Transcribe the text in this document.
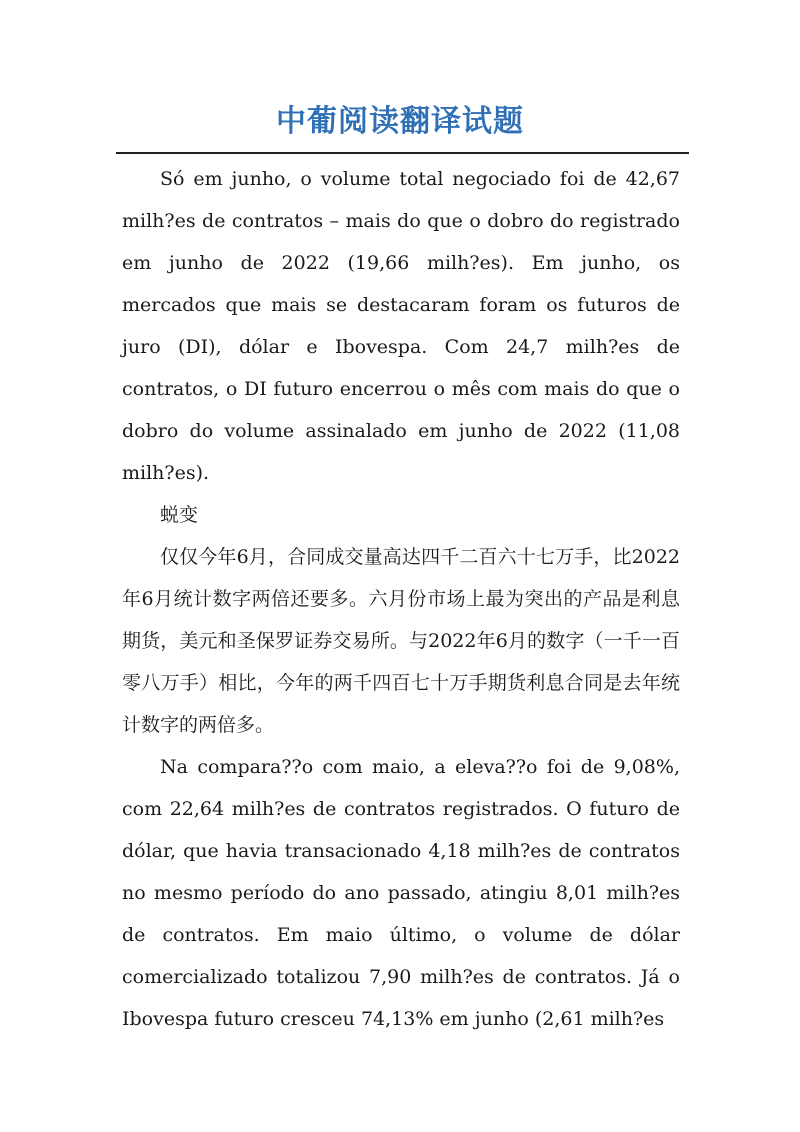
中葡阅读翻译试题

Só em junho, o volume total negociado foi de 42,67 milh?es de contratos – mais do que o dobro do registrado em junho de 2022 (19,66 milh?es). Em junho, os mercados que mais se destacaram foram os futuros de juro (DI), dólar e Ibovespa. Com 24,7 milh?es de contratos, o DI futuro encerrou o mês com mais do que o dobro do volume assinalado em junho de 2022 (11,08 milh?es).

蜕变

仅仅今年6月，合同成交量高达四千二百六十七万手，比2022年6月统计数字两倍还要多。六月份市场上最为突出的产品是利息期货，美元和圣保罗证券交易所。与2022年6月的数字（一千一百零八万手）相比，今年的两千四百七十万手期货利息合同是去年统计数字的两倍多。

Na compara??o com maio, a eleva??o foi de 9,08%, com 22,64 milh?es de contratos registrados. O futuro de dólar, que havia transacionado 4,18 milh?es de contratos no mesmo período do ano passado, atingiu 8,01 milh?es de contratos. Em maio último, o volume de dólar comercializado totalizou 7,90 milh?es de contratos. Já o Ibovespa futuro cresceu 74,13% em junho (2,61 milh?es
